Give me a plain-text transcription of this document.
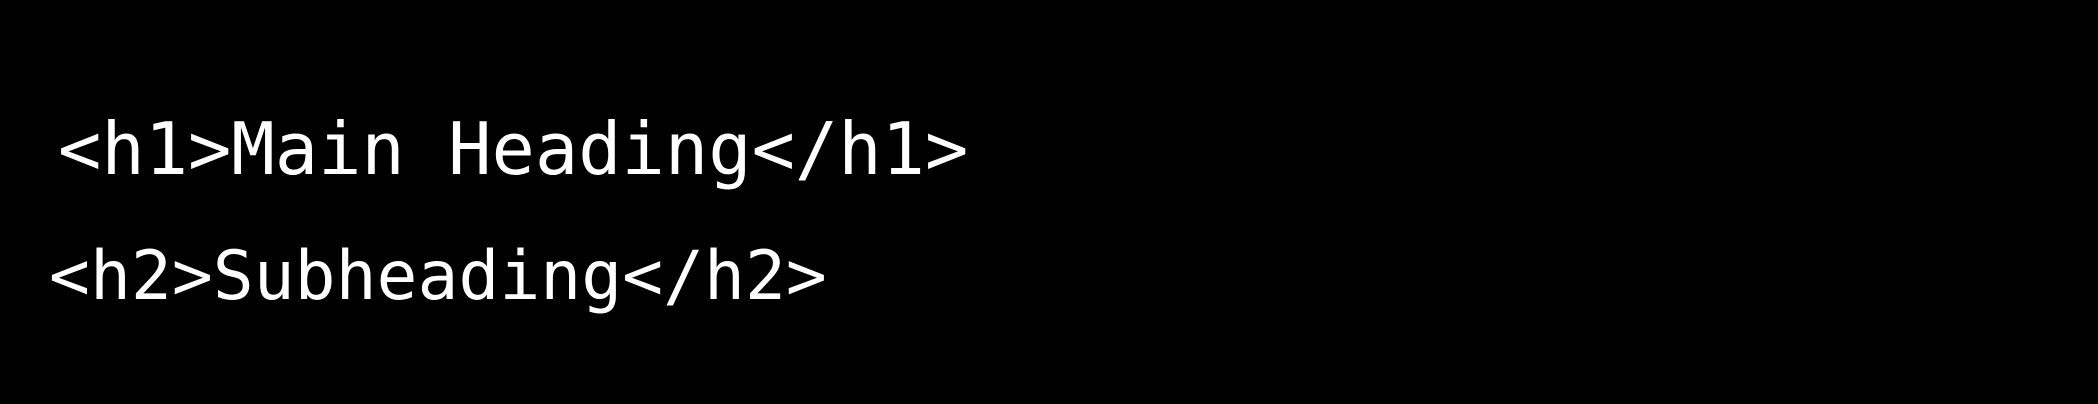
<h1>Main Heading</h1>
<h2>Subheading</h2>
